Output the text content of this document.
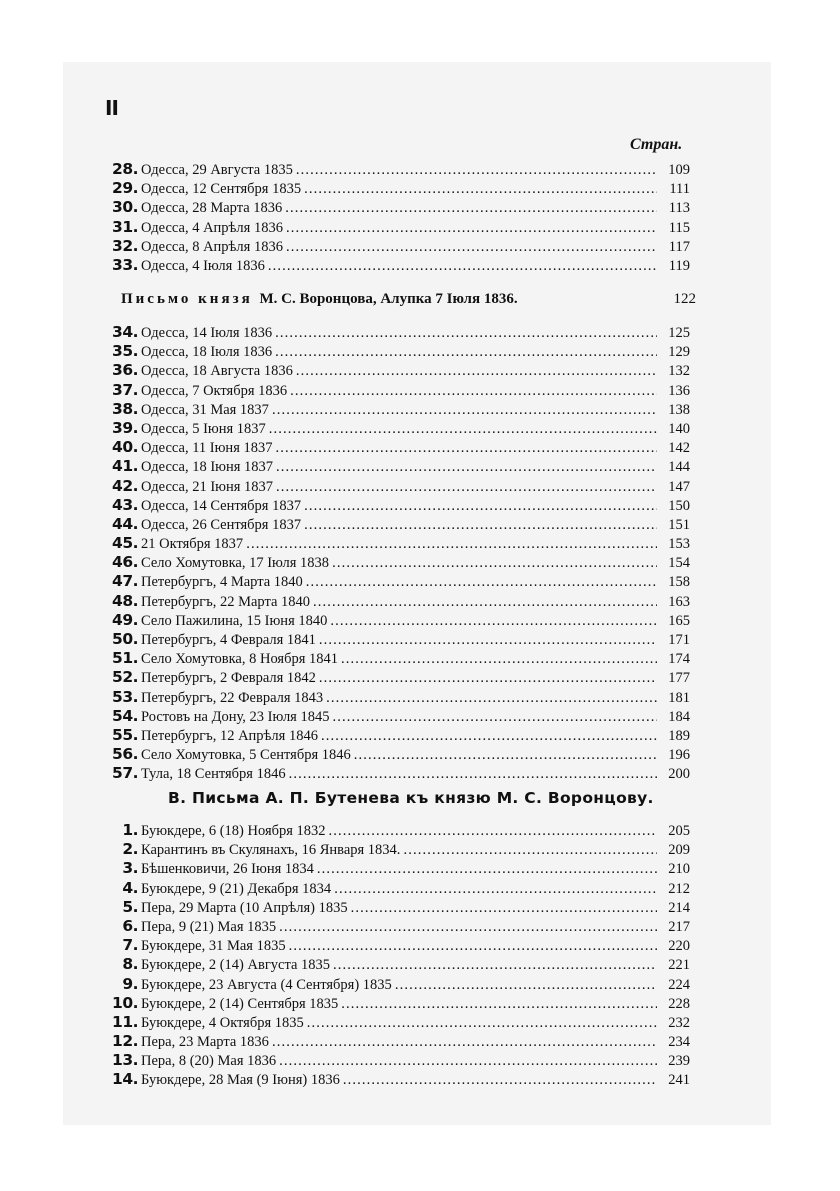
II
Стран.
28. Одесса, 29 Августа 1835 . . .	109
29. Одесса, 12 Сентября 1835 . . .	111
30. Одесса, 28 Марта 1836 . . .	113
31. Одесса, 4 Апрѣля 1836 . . .	115
32. Одесса, 8 Апрѣля 1836 . . .	117
33. Одесса, 4 Іюля 1836 . . .	119
Письмо князя М. С. Воронцова, Алупка 7 Іюля 1836.	122
34. Одесса, 14 Іюля 1836 . . .	125
35. Одесса, 18 Іюля 1836 . . .	129
36. Одесса, 18 Августа 1836 . . .	132
37. Одесса, 7 Октября 1836 . . .	136
38. Одесса, 31 Мая 1837 . . .	138
39. Одесса, 5 Іюня 1837 . . .	140
40. Одесса, 11 Іюня 1837 . . .	142
41. Одесса, 18 Іюня 1837 . . .	144
42. Одесса, 21 Іюня 1837 . . .	147
43. Одесса, 14 Сентября 1837 . . .	150
44. Одесса, 26 Сентября 1837 . . .	151
45. 21 Октября 1837 . . .	153
46. Село Хомутовка, 17 Іюля 1838 . . .	154
47. Петербургъ, 4 Марта 1840 . . .	158
48. Петербургъ, 22 Марта 1840 . . .	163
49. Село Пажилина, 15 Іюня 1840 . . .	165
50. Петербургъ, 4 Февраля 1841 . . .	171
51. Село Хомутовка, 8 Ноября 1841 . . .	174
52. Петербургъ, 2 Февраля 1842 . . .	177
53. Петербургъ, 22 Февраля 1843 . . .	181
54. Ростовъ на Дону, 23 Іюля 1845 . . .	184
55. Петербургъ, 12 Апрѣля 1846 . . .	189
56. Село Хомутовка, 5 Сентября 1846 . . .	196
57. Тула, 18 Сентября 1846 . . .	200
В. Письма А. П. Бутенева къ князю М. С. Воронцову.
1. Буюкдере, 6 (18) Ноября 1832 . . .	205
2. Карантинъ въ Скулянахъ, 16 Января 1834. . . .	209
3. Бѣшенковичи, 26 Іюня 1834 . . .	210
4. Буюкдере, 9 (21) Декабря 1834 . . .	212
5. Пера, 29 Марта (10 Апрѣля) 1835 . . .	214
6. Пера, 9 (21) Мая 1835 . . .	217
7. Буюкдере, 31 Мая 1835 . . .	220
8. Буюкдере, 2 (14) Августа 1835 . . .	221
9. Буюкдере, 23 Августа (4 Сентября) 1835 . . .	224
10. Буюкдере, 2 (14) Сентября 1835 . . .	228
11. Буюкдере, 4 Октября 1835 . . .	232
12. Пера, 23 Марта 1836 . . .	234
13. Пера, 8 (20) Мая 1836 . . .	239
14. Буюкдере, 28 Мая (9 Іюня) 1836 . . .	241
